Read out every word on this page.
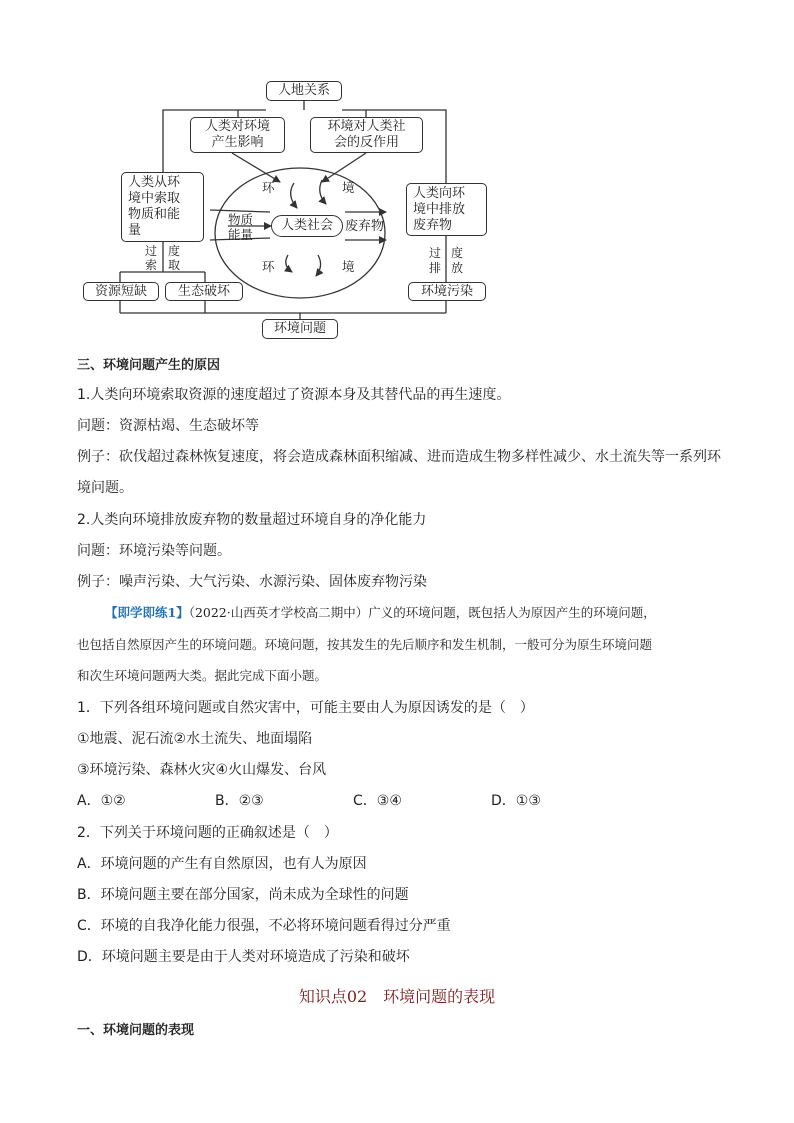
人地关系
人类对环境
产生影响
环境对人类社
会的反作用
人类从环
境中索取
物质和能
量
人类向环
境中排放
废弃物
环	境
环	境
物质
能量
人类社会 废弃物
过
索
度
取
过
排
度
放
资源短缺 生态破坏	环境污染
环境问题
三、环境问题产生的原因
1.人类向环境索取资源的速度超过了资源本身及其替代品的再生速度。
问题：资源枯竭、生态破坏等
例子：砍伐超过森林恢复速度，将会造成森林面积缩减、进而造成生物多样性减少、水土流失等一系列环
境问题。
2.人类向环境排放废弃物的数量超过环境自身的净化能力
问题：环境污染等问题。
例子：噪声污染、大气污染、水源污染、固体废弃物污染
【即学即练1】（2022·山西英才学校高二期中）广义的环境问题，既包括人为原因产生的环境问题，
也包括自然原因产生的环境问题。环境问题，按其发生的先后顺序和发生机制，一般可分为原生环境问题
和次生环境问题两大类。据此完成下面小题。
1．下列各组环境问题或自然灾害中，可能主要由人为原因诱发的是（　）
①地震、泥石流②水土流失、地面塌陷
③环境污染、森林火灾④火山爆发、台风
A．①②	B．②③	C．③④	D．①③
2．下列关于环境问题的正确叙述是（　）
A．环境问题的产生有自然原因，也有人为原因
B．环境问题主要在部分国家，尚未成为全球性的问题
C．环境的自我净化能力很强，不必将环境问题看得过分严重
D．环境问题主要是由于人类对环境造成了污染和破坏
知识点02　环境问题的表现
一、环境问题的表现
